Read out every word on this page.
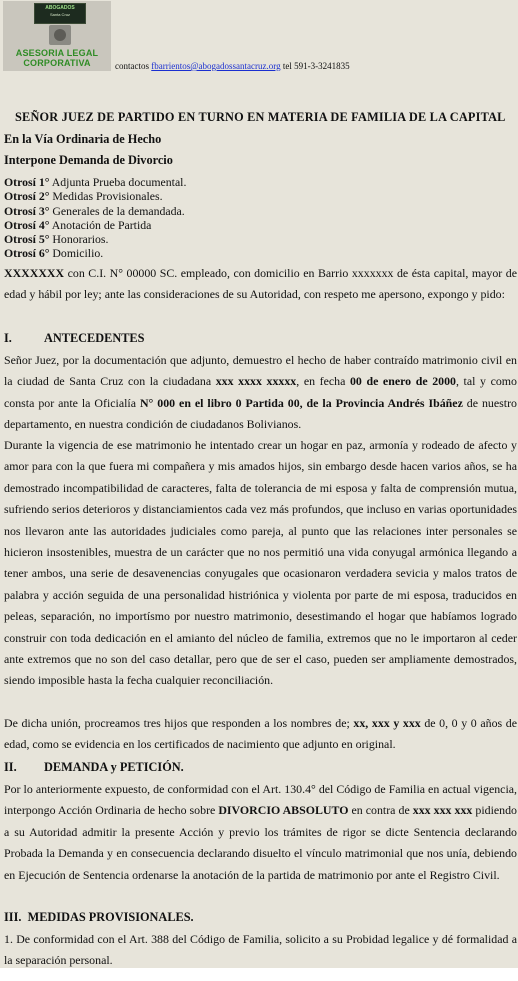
ABOGADOS
Santa Cruz
ASESORIA LEGAL
CORPORATIVA	contactos fbarrientos@abogadossantacruz.org tel 591-3-3241835
SEÑOR JUEZ DE PARTIDO EN TURNO EN MATERIA DE FAMILIA DE LA CAPITAL
En la Vía Ordinaria de Hecho
Interpone Demanda de Divorcio
Otrosí 1° Adjunta Prueba documental.
Otrosí 2° Medidas Provisionales.
Otrosí 3° Generales de la demandada.
Otrosí 4° Anotación de Partida
Otrosí 5° Honorarios.
Otrosí 6° Domicilio.
XXXXXXX con C.I. N° 00000 SC. empleado, con domicilio en Barrio xxxxxxx de ésta capital, mayor de edad y hábil por ley; ante las consideraciones de su Autoridad, con respeto me apersono, expongo y pido:
I.	ANTECEDENTES
Señor Juez, por la documentación que adjunto, demuestro el hecho de haber contraído matrimonio civil en la ciudad de Santa Cruz con la ciudadana xxx xxxx xxxxx, en fecha 00 de enero de 2000, tal y como consta por ante la Oficialía N° 000 en el libro 0 Partida 00, de la Provincia Andrés Ibáñez de nuestro departamento, en nuestra condición de ciudadanos Bolivianos.
Durante la vigencia de ese matrimonio he intentado crear un hogar en paz, armonía y rodeado de afecto y amor para con la que fuera mi compañera y mis amados hijos, sin embargo desde hacen varios años, se ha demostrado incompatibilidad de caracteres, falta de tolerancia de mi esposa y falta de comprensión mutua, sufriendo serios deterioros y distanciamientos cada vez más profundos, que incluso en varias oportunidades nos llevaron ante las autoridades judiciales como pareja, al punto que las relaciones inter personales se hicieron insostenibles, muestra de un carácter que no nos permitió una vida conyugal armónica llegando a tener ambos, una serie de desavenencias conyugales que ocasionaron verdadera sevicia y malos tratos de palabra y acción seguida de una personalidad histriónica y violenta por parte de mi esposa, traducidos en peleas, separación, no importísmo por nuestro matrimonio, desestimando el hogar que habíamos logrado construir con toda dedicación en el amianto del núcleo de familia, extremos que no le importaron al ceder ante extremos que no son del caso detallar, pero que de ser el caso, pueden ser ampliamente demostrados, siendo imposible hasta la fecha cualquier reconciliación.
De dicha unión, procreamos tres hijos que responden a los nombres de; xx, xxx y xxx de 0, 0 y 0 años de edad, como se evidencia en los certificados de nacimiento que adjunto en original.
II. DEMANDA y PETICIÓN.
Por lo anteriormente expuesto, de conformidad con el Art. 130.4° del Código de Familia en actual vigencia, interpongo Acción Ordinaria de hecho sobre DIVORCIO ABSOLUTO en contra de xxx xxx xxx pidiendo a su Autoridad admitir la presente Acción y previo los trámites de rigor se dicte Sentencia declarando Probada la Demanda y en consecuencia declarando disuelto el vínculo matrimonial que nos unía, debiendo en Ejecución de Sentencia ordenarse la anotación de la partida de matrimonio por ante el Registro Civil.
III. MEDIDAS PROVISIONALES.
1. De conformidad con el Art. 388 del Código de Familia, solicito a su Probidad legalice y dé formalidad a la separación personal.
